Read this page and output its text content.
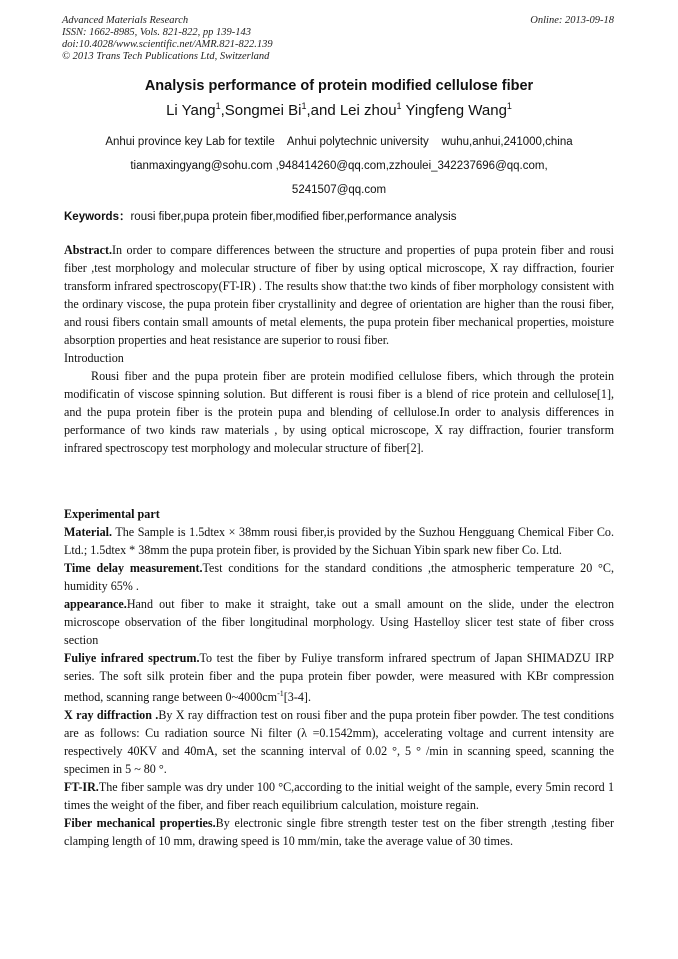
Advanced Materials Research	Online: 2013-09-18
ISSN: 1662-8985, Vols. 821-822, pp 139-143
doi:10.4028/www.scientific.net/AMR.821-822.139
© 2013 Trans Tech Publications Ltd, Switzerland
Analysis performance of protein modified cellulose fiber
Li Yang$^1$,Songmei Bi$^1$,and Lei zhou$^1$ Yingfeng Wang$^1$
Anhui province key Lab for textile    Anhui polytechnic university    wuhu,anhui,241000,china
tianmaxingyang@sohu.com ,948414260@qq.com,zzhoulei_342237696@qq.com,
5241507@qq.com
Keywords：rousi fiber,pupa protein fiber,modified fiber,performance analysis

Abstract.In order to compare differences between the structure and properties of pupa protein fiber and rousi fiber ,test morphology and molecular structure of fiber by using optical microscope, X ray diffraction, fourier transform infrared spectroscopy(FT-IR) . The results show that:the two kinds of fiber morphology consistent with the ordinary viscose, the pupa protein fiber crystallinity and degree of orientation are higher than the rousi fiber, and rousi fibers contain small amounts of metal elements, the pupa protein fiber mechanical properties, moisture absorption properties and heat resistance are superior to rousi fiber.

Introduction

Rousi fiber and the pupa protein fiber are protein modified cellulose fibers, which through the protein modificatin of viscose spinning solution. But different is rousi fiber is a blend of rice protein and cellulose[1], and the pupa protein fiber is the protein pupa and blending of cellulose.In order to analysis differences in performance of two kinds raw materials , by using optical microscope, X ray diffraction, fourier transform infrared spectroscopy test morphology and molecular structure of fiber[2].

Experimental part

Material. The Sample is 1.5dtex × 38mm rousi fiber,is provided by the Suzhou Hengguang Chemical Fiber Co. Ltd.; 1.5dtex * 38mm the pupa protein fiber, is provided by the Sichuan Yibin spark new fiber Co. Ltd.

Time delay measurement.Test conditions for the standard conditions ,the atmospheric temperature 20 °C, humidity 65% .

appearance.Hand out fiber to make it straight, take out a small amount on the slide, under the electron microscope observation of the fiber longitudinal morphology. Using Hastelloy slicer test state of fiber cross section

Fuliye infrared spectrum.To test the fiber by Fuliye transform infrared spectrum of Japan SHIMADZU IRP series. The soft silk protein fiber and the pupa protein fiber powder, were measured with KBr compression method, scanning range between $0\sim 4000cm^{-1}[3-4]$.

X ray diffraction .By X ray diffraction test on rousi fiber and the pupa protein fiber powder. The test conditions are as follows: Cu radiation source Ni filter (λ =0.1542mm), accelerating voltage and current intensity are respectively 40KV and 40mA, set the scanning interval of 0.02 °, 5 ° /min in scanning speed, scanning the specimen in 5 ~ 80 °.

FT-IR.The fiber sample was dry under 100 °C,according to the initial weight of the sample, every 5min record 1 times the weight of the fiber, and fiber reach equilibrium calculation, moisture regain.

Fiber mechanical properties.By electronic single fibre strength tester test on the fiber strength ,testing fiber clamping length of 10 mm, drawing speed is 10 mm/min, take the average value of 30 times.
